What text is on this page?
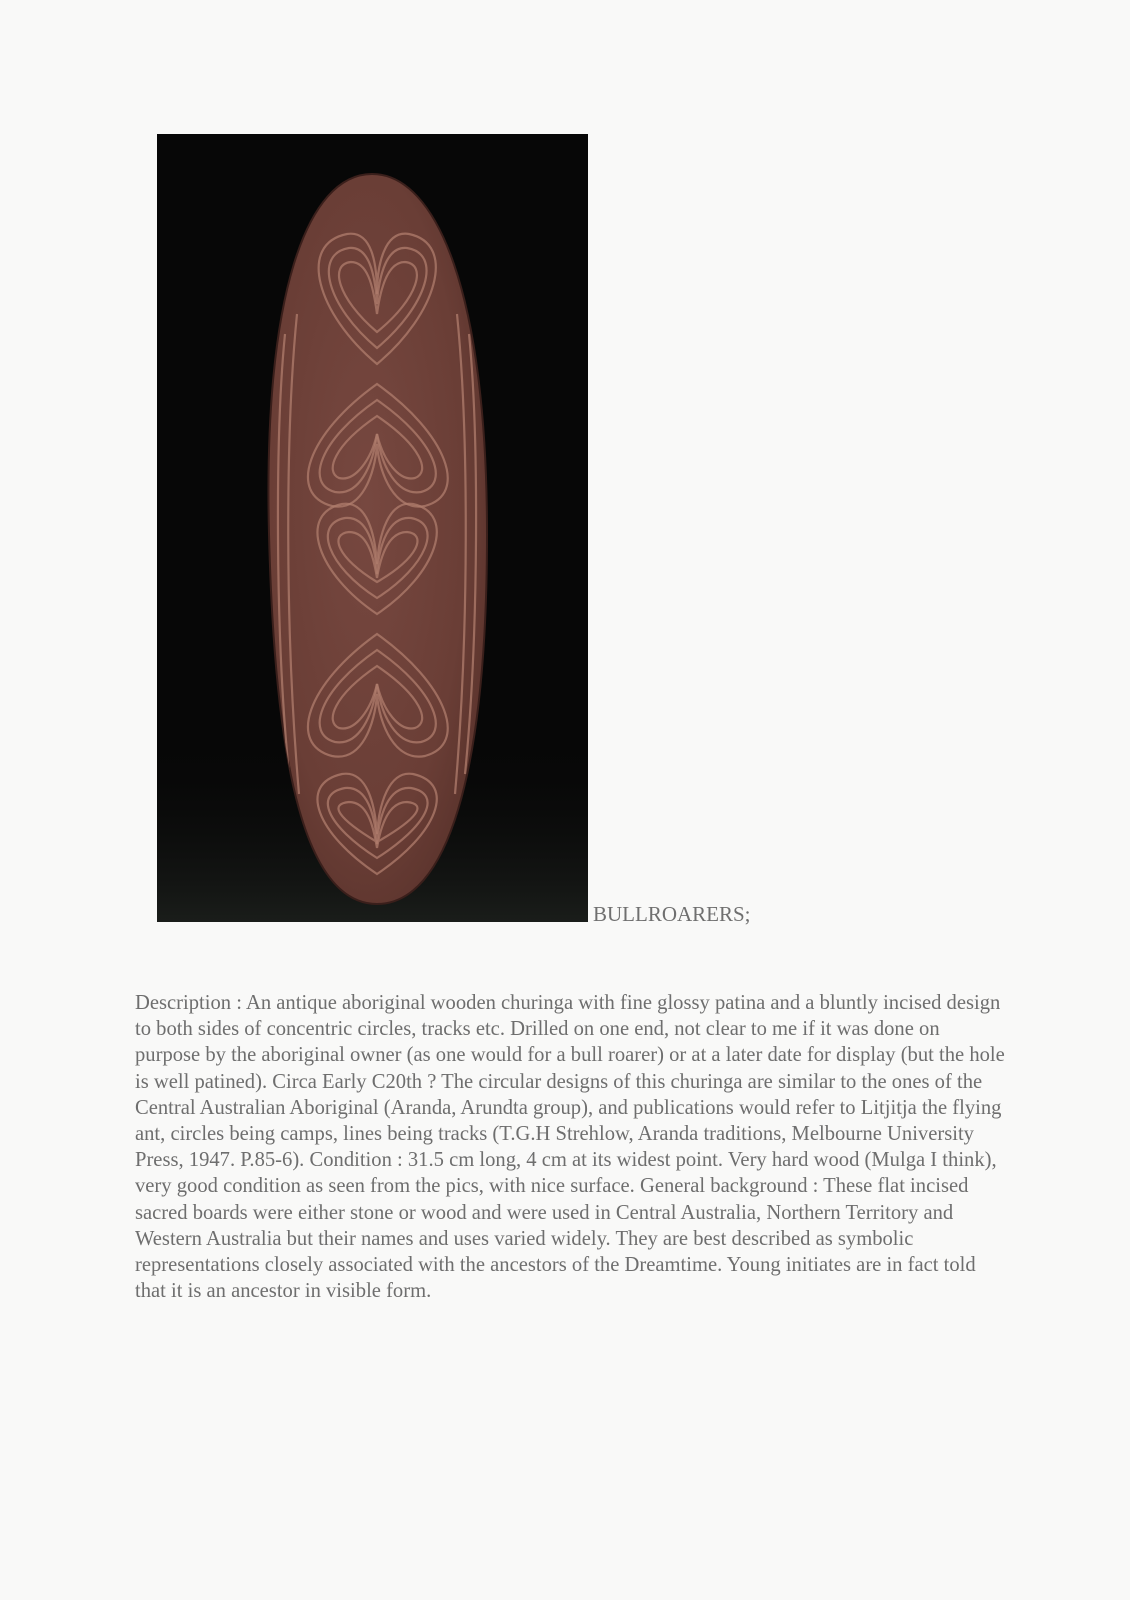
BULLROARERS;

Description : An antique aboriginal wooden churinga with fine glossy patina and a bluntly incised design to both sides of concentric circles, tracks etc. Drilled on one end, not clear to me if it was done on purpose by the aboriginal owner (as one would for a bull roarer) or at a later date for display (but the hole is well patined). Circa Early C20th ? The circular designs of this churinga are similar to the ones of the Central Australian Aboriginal (Aranda, Arundta group), and publications would refer to Litjitja the flying ant, circles being camps, lines being tracks (T.G.H Strehlow, Aranda traditions, Melbourne University Press, 1947. P.85-6). Condition : 31.5 cm long, 4 cm at its widest point. Very hard wood (Mulga I think), very good condition as seen from the pics, with nice surface. General background : These flat incised sacred boards were either stone or wood and were used in Central Australia, Northern Territory and Western Australia but their names and uses varied widely. They are best described as symbolic representations closely associated with the ancestors of the Dreamtime. Young initiates are in fact told that it is an ancestor in visible form.
